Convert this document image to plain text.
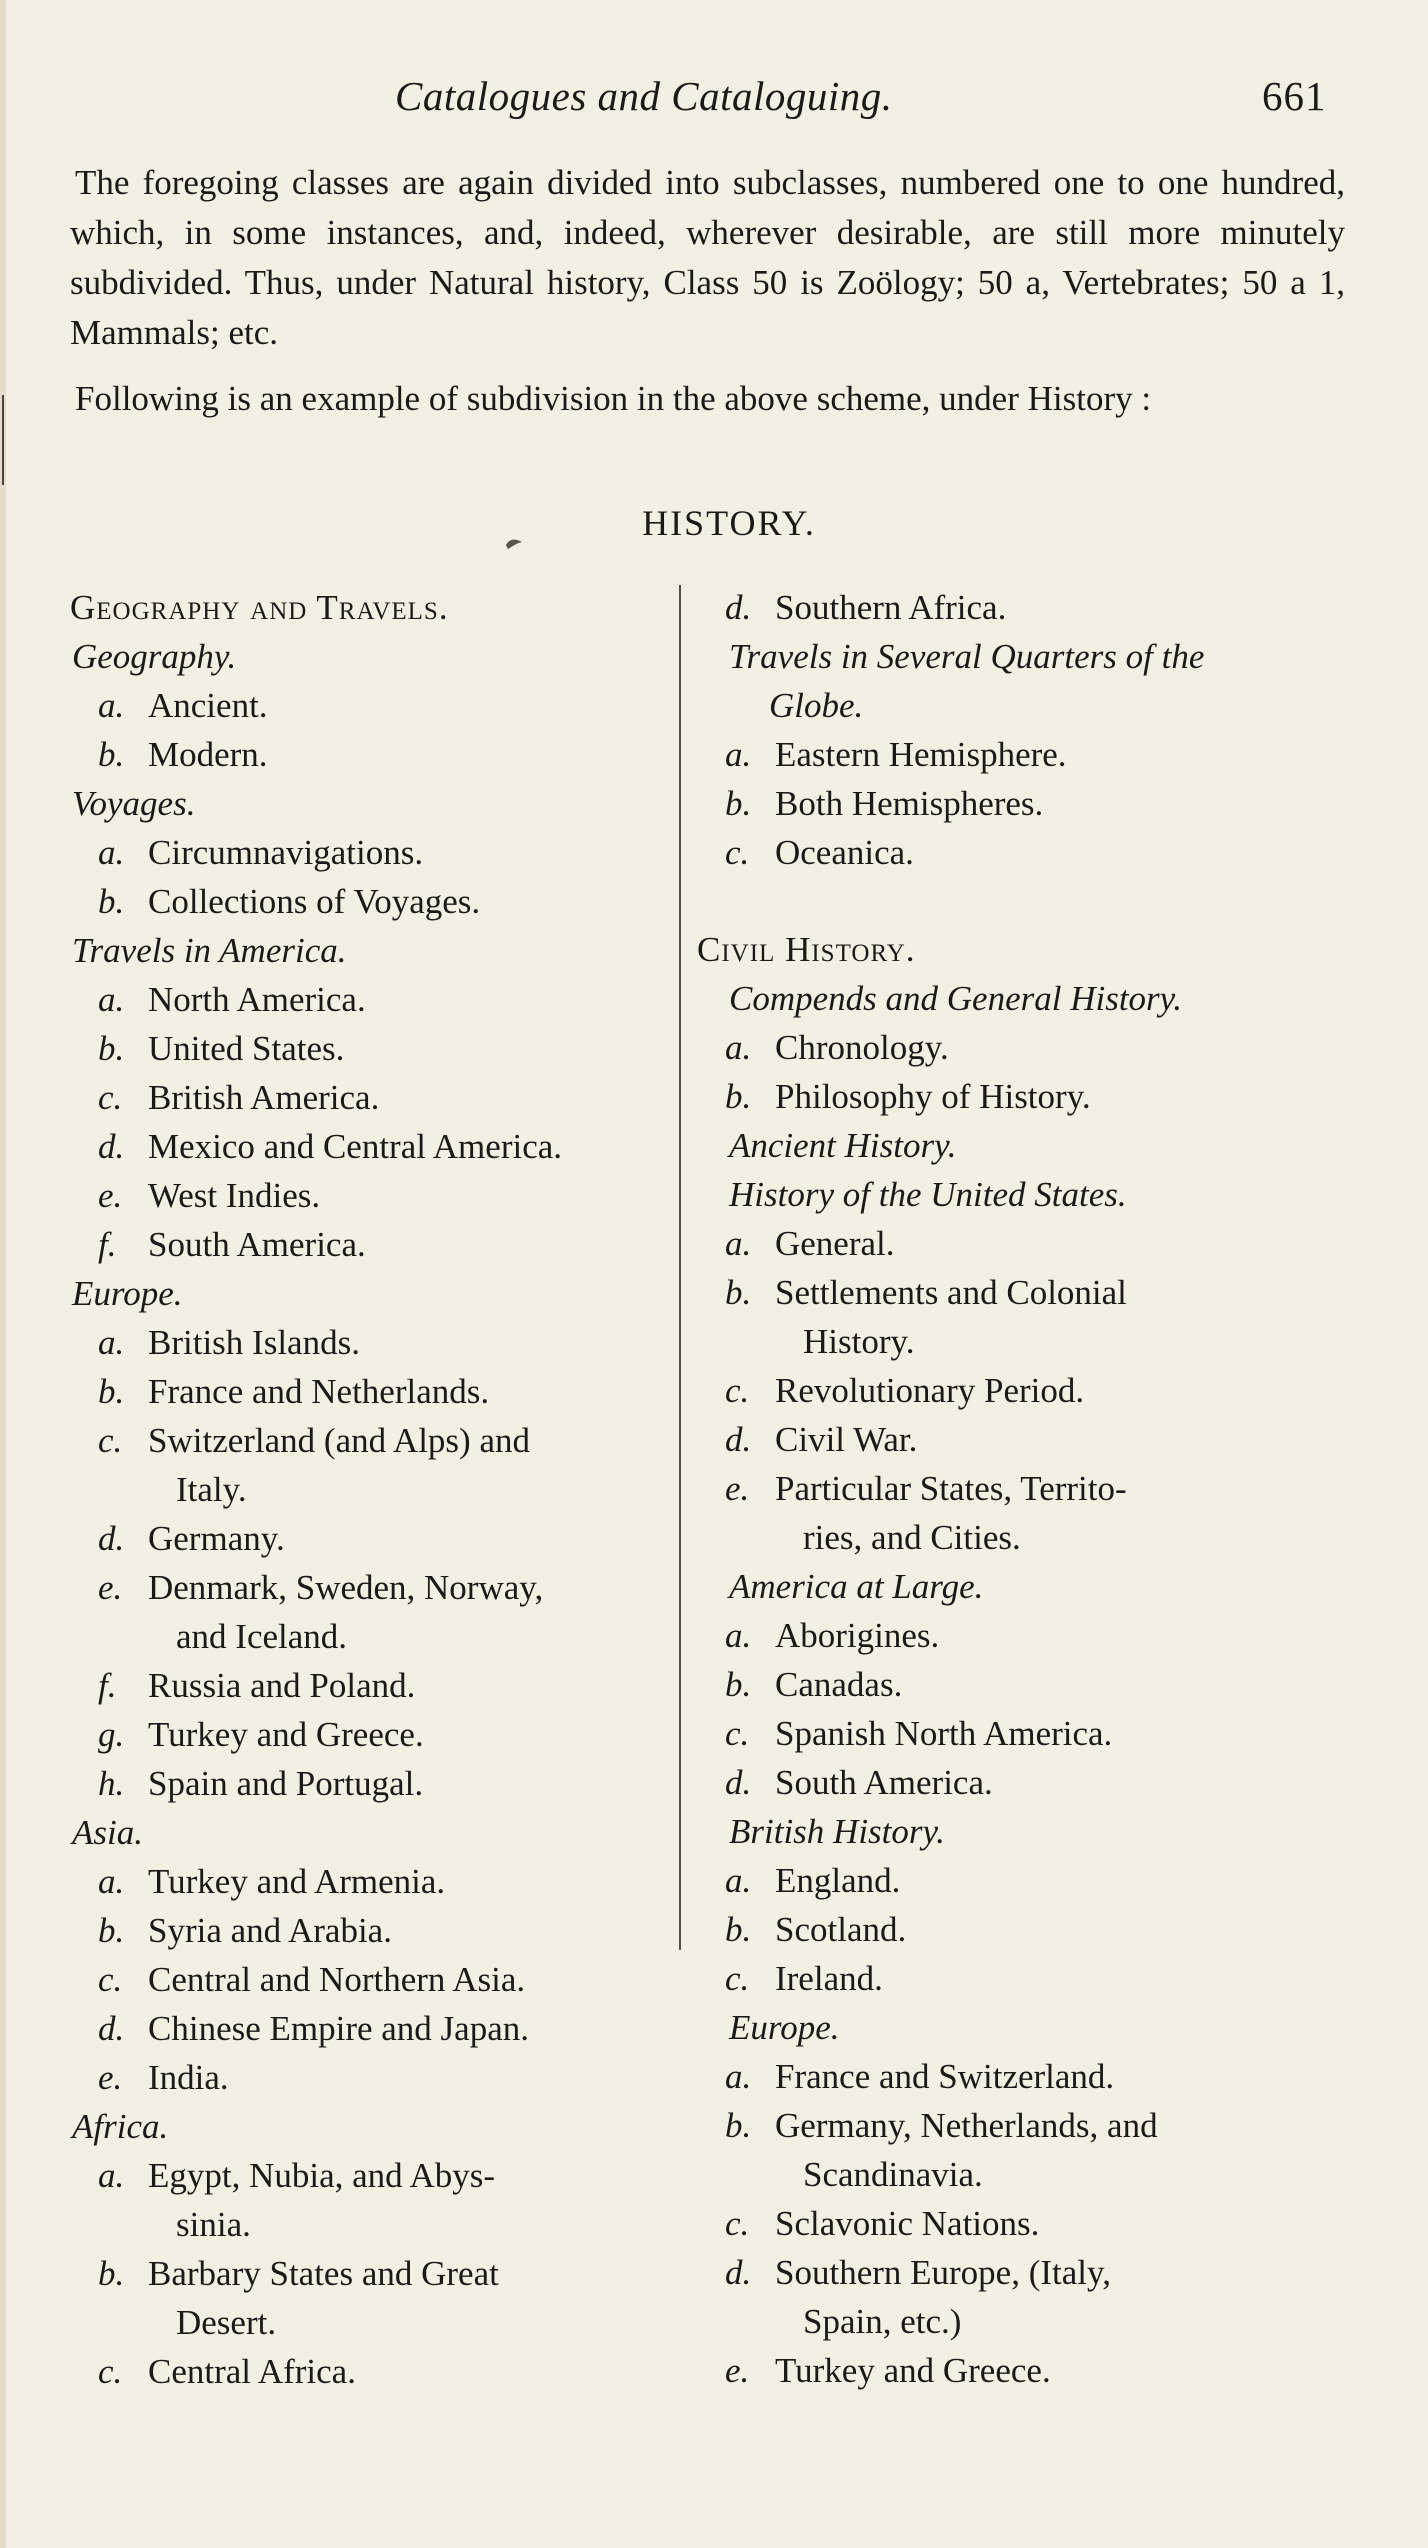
Catalogues and Cataloguing.	661

The foregoing classes are again divided into subclasses, numbered one to one hundred, which, in some instances, and, indeed, wherever desirable, are still more minutely subdivided. Thus, under Natural history, Class 50 is Zoölogy; 50 a, Vertebrates; 50 a 1, Mammals; etc.

Following is an example of subdivision in the above scheme, under History :

HISTORY.
Geography and Travels.
Geography.
a. Ancient.
b. Modern.
Voyages.
a. Circumnavigations.
b. Collections of Voyages.
Travels in America.
a. North America.
b. United States.
c. British America.
d. Mexico and Central America.
e. West Indies.
f. South America.
Europe.
a. British Islands.
b. France and Netherlands.
c. Switzerland (and Alps) and
Italy.
d. Germany.
e. Denmark, Sweden, Norway,
and Iceland.
f. Russia and Poland.
g. Turkey and Greece.
h. Spain and Portugal.
Asia.
a. Turkey and Armenia.
b. Syria and Arabia.
c. Central and Northern Asia.
d. Chinese Empire and Japan.
e. India.
Africa.
a. Egypt, Nubia, and Abys-
sinia.
b. Barbary States and Great
Desert.
c. Central Africa.
d. Southern Africa.
Travels in Several Quarters of the
Globe.
a. Eastern Hemisphere.
b. Both Hemispheres.
c. Oceanica.
Civil History.
Compends and General History.
a. Chronology.
b. Philosophy of History.
Ancient History.
History of the United States.
a. General.
b. Settlements and Colonial
History.
c. Revolutionary Period.
d. Civil War.
e. Particular States, Territo-
ries, and Cities.
America at Large.
a. Aborigines.
b. Canadas.
c. Spanish North America.
d. South America.
British History.
a. England.
b. Scotland.
c. Ireland.
Europe.
a. France and Switzerland.
b. Germany, Netherlands, and
Scandinavia.
c. Sclavonic Nations.
d. Southern Europe, (Italy,
Spain, etc.)
e. Turkey and Greece.
